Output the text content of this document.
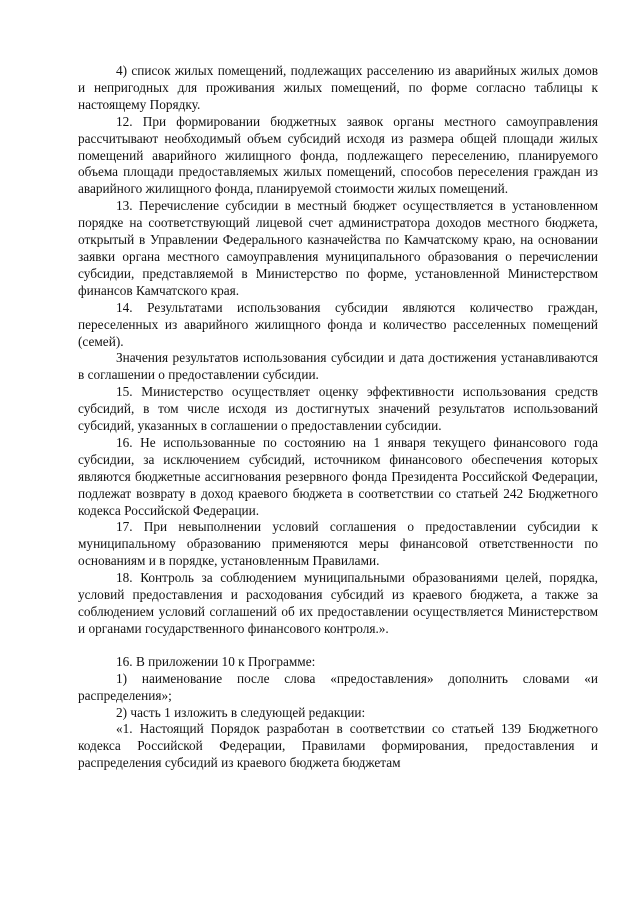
4) список жилых помещений, подлежащих расселению из аварийных жилых домов и непригодных для проживания жилых помещений, по форме согласно таблицы к настоящему Порядку.

12. При формировании бюджетных заявок органы местного самоуправления рассчитывают необходимый объем субсидий исходя из размера общей площади жилых помещений аварийного жилищного фонда, подлежащего переселению, планируемого объема площади предоставляемых жилых помещений, способов переселения граждан из аварийного жилищного фонда, планируемой стоимости жилых помещений.

13. Перечисление субсидии в местный бюджет осуществляется в установленном порядке на соответствующий лицевой счет администратора доходов местного бюджета, открытый в Управлении Федерального казначейства по Камчатскому краю, на основании заявки органа местного самоуправления муниципального образования о перечислении субсидии, представляемой в Министерство по форме, установленной Министерством финансов Камчатского края.

14. Результатами использования субсидии являются количество граждан, переселенных из аварийного жилищного фонда и количество расселенных помещений (семей).

Значения результатов использования субсидии и дата достижения устанавливаются в соглашении о предоставлении субсидии.

15. Министерство осуществляет оценку эффективности использования средств субсидий, в том числе исходя из достигнутых значений результатов использований субсидий, указанных в соглашении о предоставлении субсидии.

16. Не использованные по состоянию на 1 января текущего финансового года субсидии, за исключением субсидий, источником финансового обеспечения которых являются бюджетные ассигнования резервного фонда Президента Российской Федерации, подлежат возврату в доход краевого бюджета в соответствии со статьей 242 Бюджетного кодекса Российской Федерации.

17. При невыполнении условий соглашения о предоставлении субсидии к муниципальному образованию применяются меры финансовой ответственности по основаниям и в порядке, установленным Правилами.

18. Контроль за соблюдением муниципальными образованиями целей, порядка, условий предоставления и расходования субсидий из краевого бюджета, а также за соблюдением условий соглашений об их предоставлении осуществляется Министерством и органами государственного финансового контроля.».

16. В приложении 10 к Программе:

1) наименование после слова «предоставления» дополнить словами «и распределения»;

2) часть 1 изложить в следующей редакции:

«1. Настоящий Порядок разработан в соответствии со статьей 139 Бюджетного кодекса Российской Федерации, Правилами формирования, предоставления и распределения субсидий из краевого бюджета бюджетам
